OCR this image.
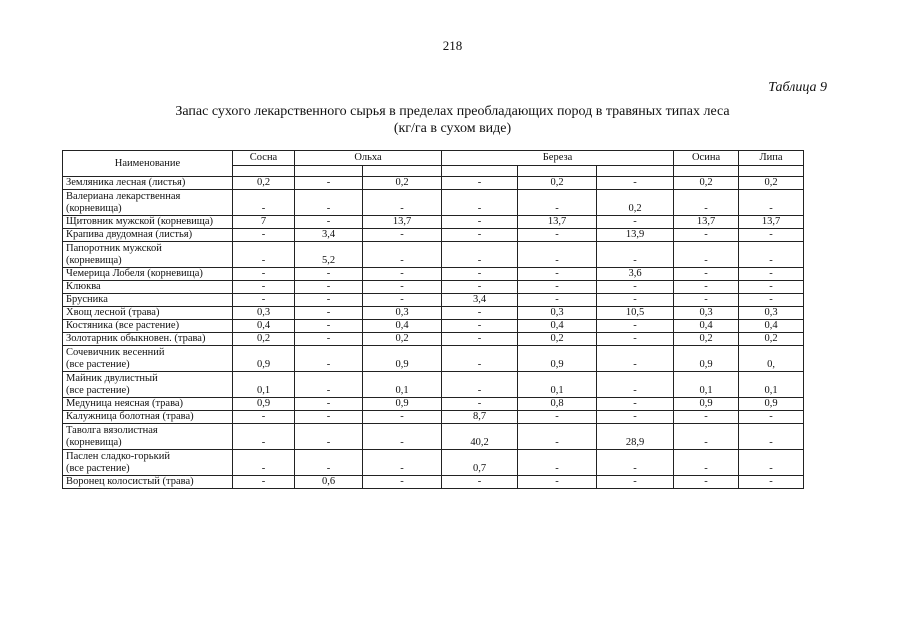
218
Таблица 9
Запас сухого лекарственного сырья в пределах преобладающих пород в травяных типах леса
(кг/га в сухом виде)
Наименование	Сосна	Ольха		Береза			Осина	Липа

Земляника лесная (листья)	0,2	-	0,2	-	0,2	-	0,2	0,2

Валериана лекарственная
(корневища)	-	-	-	-	-	0,2	-	-

Щитовник мужской (корневища)	7	-	13,7	-	13,7	-	13,7	13,7

Крапива двудомная (листья)	-	3,4	-	-	-	13,9	-	-

Папоротник мужской
(корневища)	-	5,2	-	-	-	-	-	-

Чемерица Лобеля (корневища)	-	-	-	-	-	3,6	-	-

Клюква	-	-	-	-	-	-	-	-

Брусника	-	-	-	3,4	-	-	-	-

Хвощ лесной (трава)	0,3	-	0,3	-	0,3	10,5	0,3	0,3

Костяника (все растение)	0,4	-	0,4	-	0,4	-	0,4	0,4

Золотарник обыкновен. (трава)	0,2	-	0,2	-	0,2	-	0,2	0,2

Сочевичник весенний
(все растение)	0,9	-	0,9	-	0,9	-	0,9	0,

Майник двулистный
(все растение)	0,1	-	0,1	-	0,1	-	0,1	0,1

Медуница неясная (трава)	0,9	-	0,9	-	0,8	-	0,9	0,9

Калужница болотная (трава)	-	-	-	8,7	-	-	-	-

Таволга вязолистная
(корневища)	-	-	-	40,2	-	28,9	-	-

Паслен сладко-горький
(все растение)	-	-	-	0,7	-	-	-	-

Воронец колосистый (трава)	-	0,6	-	-	-	-	-	-
